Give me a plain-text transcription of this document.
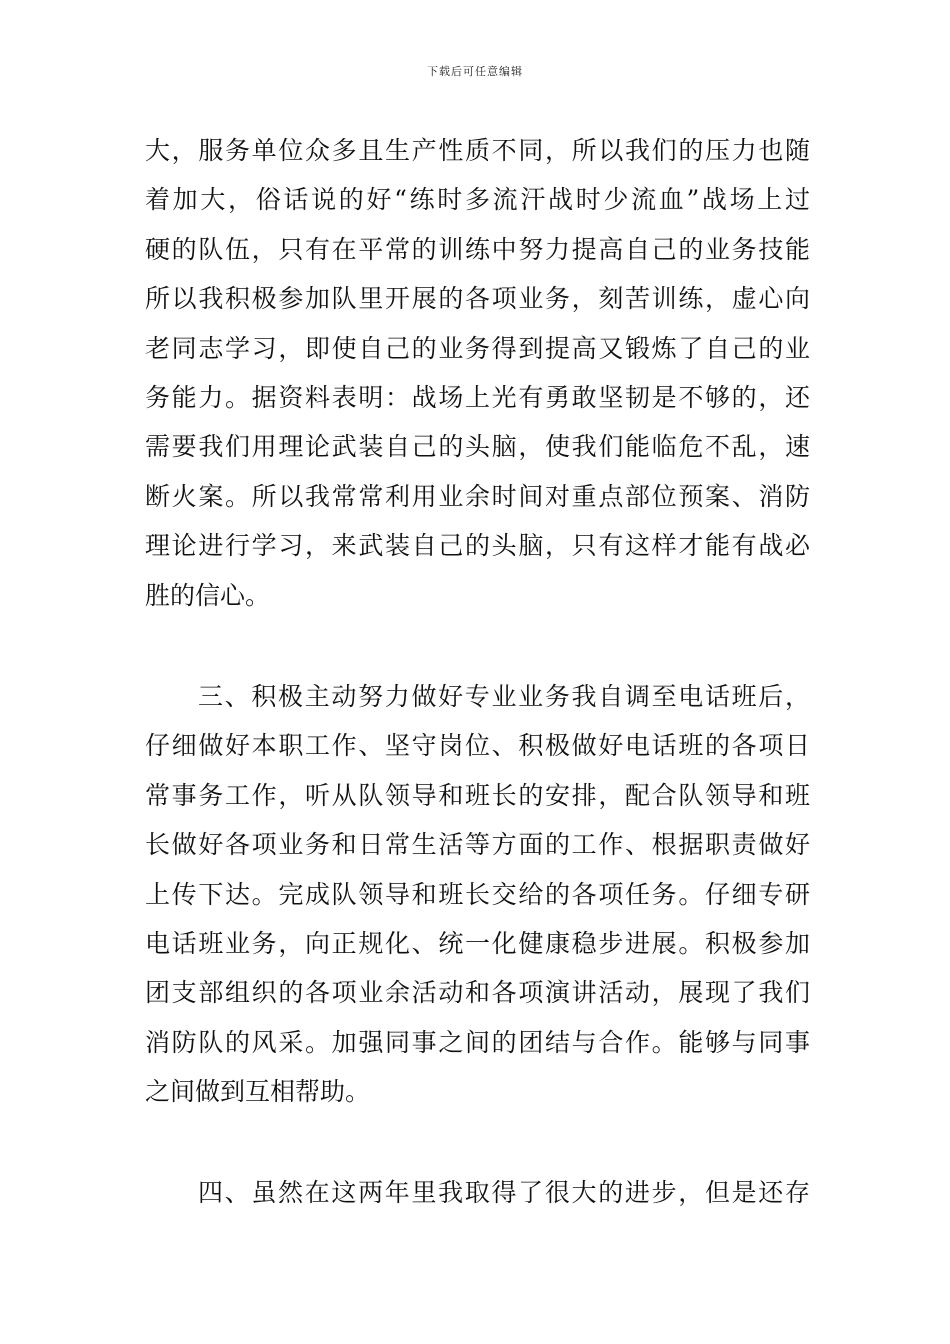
下载后可任意编辑
大，服务单位众多且生产性质不同，所以我们的压力也随
着加大，俗话说的好“练时多流汗战时少流血”战场上过
硬的队伍，只有在平常的训练中努力提高自己的业务技能
所以我积极参加队里开展的各项业务，刻苦训练，虚心向
老同志学习，即使自己的业务得到提高又锻炼了自己的业
务能力。据资料表明：战场上光有勇敢坚韧是不够的，还
需要我们用理论武装自己的头脑，使我们能临危不乱，速
断火案。所以我常常利用业余时间对重点部位预案、消防
理论进行学习，来武装自己的头脑，只有这样才能有战必
胜的信心。
三、积极主动努力做好专业业务我自调至电话班后，
仔细做好本职工作、坚守岗位、积极做好电话班的各项日
常事务工作，听从队领导和班长的安排，配合队领导和班
长做好各项业务和日常生活等方面的工作、根据职责做好
上传下达。完成队领导和班长交给的各项任务。仔细专研
电话班业务，向正规化、统一化健康稳步进展。积极参加
团支部组织的各项业余活动和各项演讲活动，展现了我们
消防队的风采。加强同事之间的团结与合作。能够与同事
之间做到互相帮助。
四、虽然在这两年里我取得了很大的进步，但是还存
